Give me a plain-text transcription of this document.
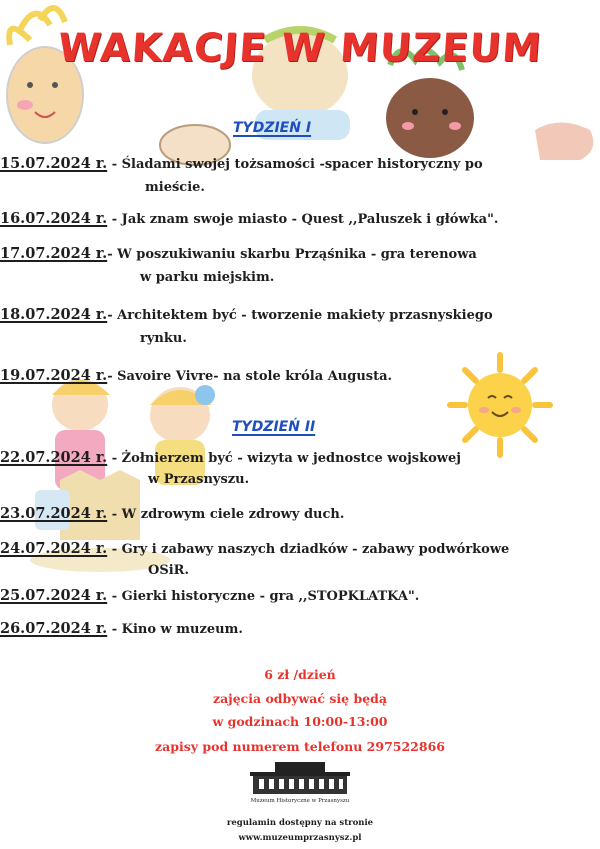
WAKACJE W MUZEUM
TYDZIEŃ I
15.07.2024 r. - Śladami swojej tożsamości -spacer historyczny po
mieście.
16.07.2024 r. - Jak znam swoje miasto - Quest ,,Paluszek i główka".
17.07.2024 r.- W poszukiwaniu skarbu Prząśnika - gra terenowa
w parku miejskim.
18.07.2024 r.- Architektem być - tworzenie makiety przasnyskiego
rynku.
19.07.2024 r.- Savoire Vivre- na stole króla Augusta.
TYDZIEŃ II
22.07.2024 r. - Żołnierzem być - wizyta w jednostce wojskowej
w Przasnyszu.
23.07.2024 r. - W zdrowym ciele zdrowy duch.
24.07.2024 r. - Gry i zabawy naszych dziadków - zabawy podwórkowe
OSiR.
25.07.2024 r. - Gierki historyczne - gra ,,STOPKLATKA".
26.07.2024 r. - Kino w muzeum.
6 zł /dzień
zajęcia odbywać się będą
w godzinach 10:00-13:00
zapisy pod numerem telefonu 297522866
Muzeum Historyczne w Przasnyszu
regulamin dostępny na stronie
www.muzeumprzasnysz.pl
